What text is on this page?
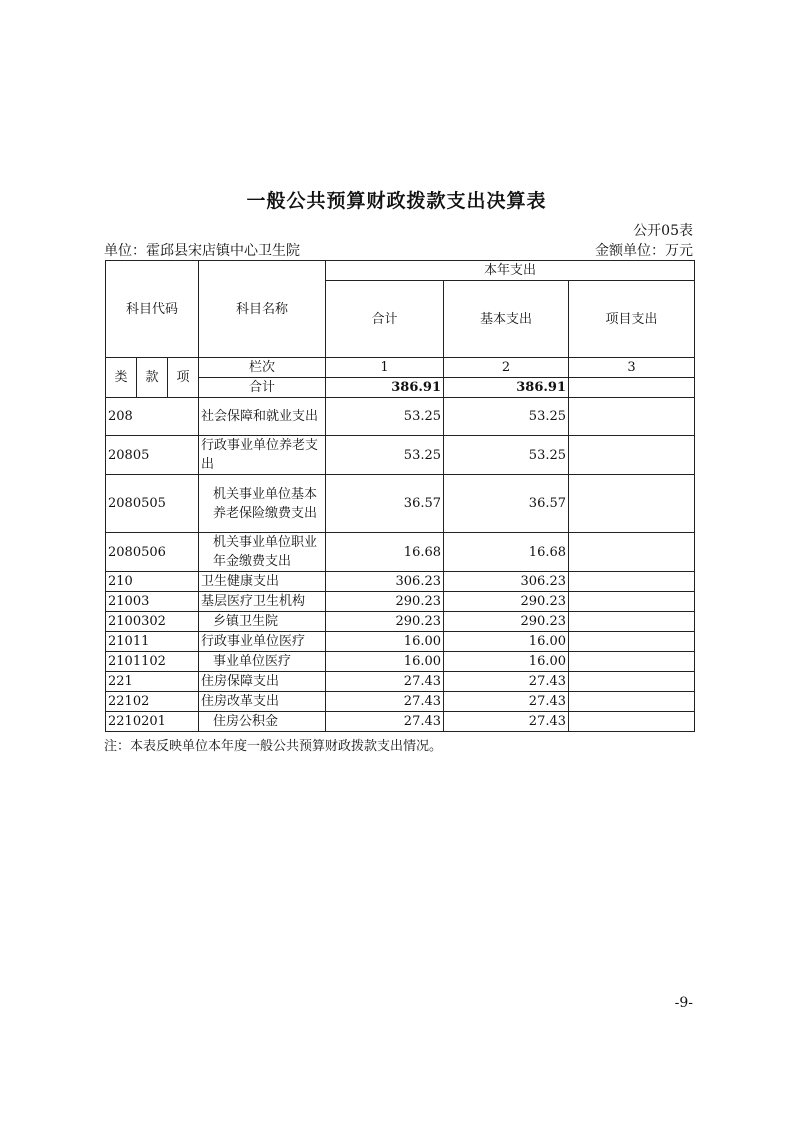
一般公共预算财政拨款支出决算表
公开05表
单位：霍邱县宋店镇中心卫生院	金额单位：万元
科目代码			科目名称	本年支出		
				合计	基本支出	项目支出

类	款	项	栏次	1	2	3
			合计	386.91	386.91	
208			社会保障和就业支出	53.25	53.25	
20805			行政事业单位养老支出	53.25	53.25	
2080505			机关事业单位基本养老保险缴费支出	36.57	36.57	
2080506			机关事业单位职业年金缴费支出	16.68	16.68	
210			卫生健康支出	306.23	306.23	
21003			基层医疗卫生机构	290.23	290.23	
2100302			乡镇卫生院	290.23	290.23	
21011			行政事业单位医疗	16.00	16.00	
2101102			事业单位医疗	16.00	16.00	
221			住房保障支出	27.43	27.43	
22102			住房改革支出	27.43	27.43	
2210201			住房公积金	27.43	27.43	
注：本表反映单位本年度一般公共预算财政拨款支出情况。
-9-
